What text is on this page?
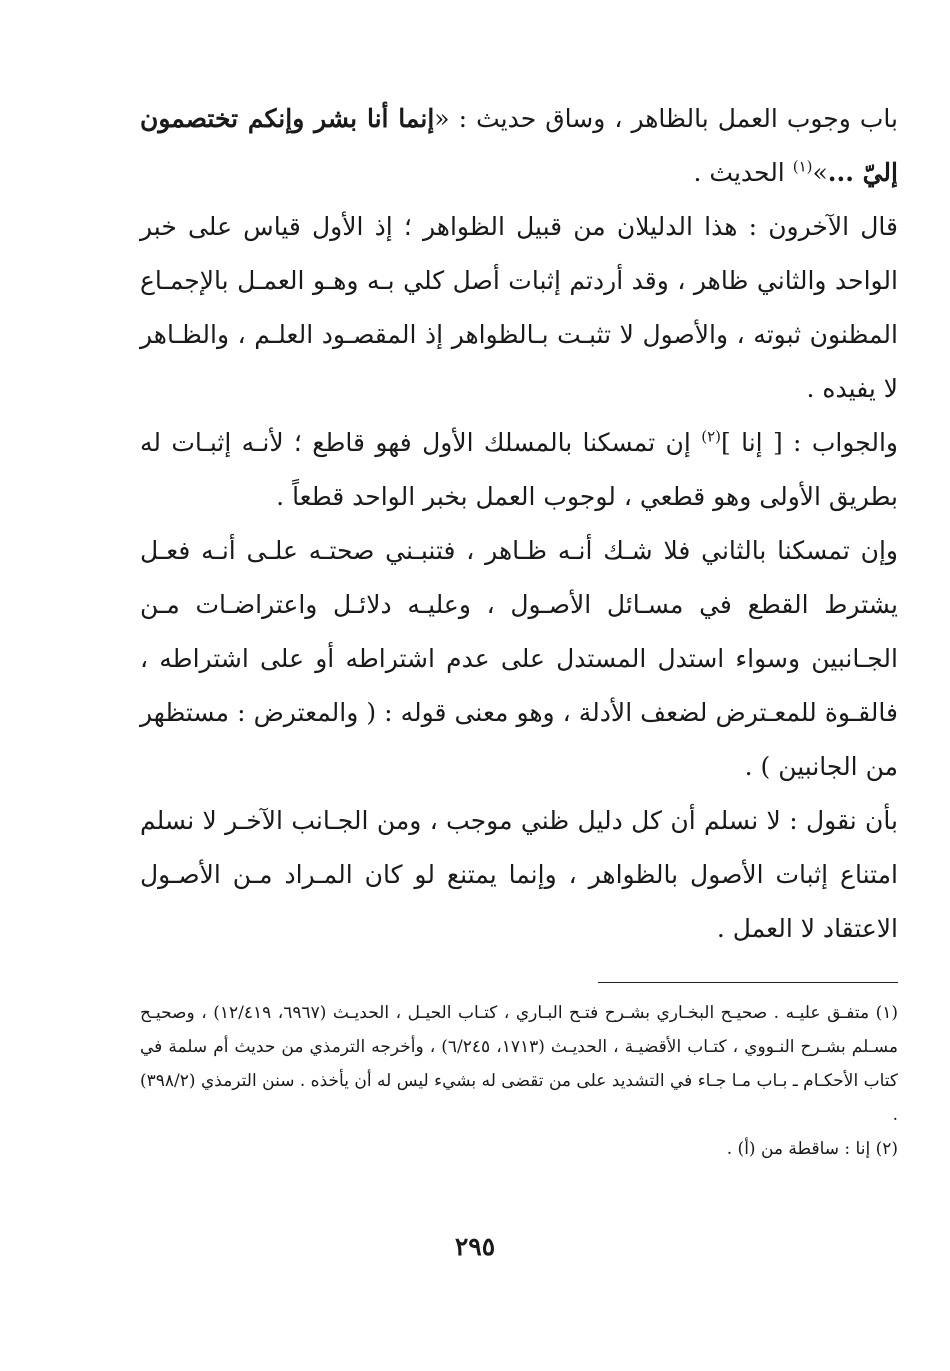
باب وجوب العمل بالظاهر ، وساق حديث : «إنما أنا بشر وإنكم تختصمون إليّ ...»$^{(١)}$ الحديث .

قال الآخرون : هذا الدليلان من قبيل الظواهر ؛ إذ الأول قياس على خبر الواحد والثاني ظاهر ، وقد أردتم إثبات أصل كلي بـه وهـو العمـل بالإجمـاع المظنون ثبوته ، والأصول لا تثبـت بـالظواهر إذ المقصـود العلـم ، والظـاهر لا يفيده .

والجواب : [ إنا ]$^{(٢)}$ إن تمسكنا بالمسلك الأول فهو قاطع ؛ لأنـه إثبـات له بطريق الأولى وهو قطعي ، لوجوب العمل بخبر الواحد قطعاً .

وإن تمسكنا بالثاني فلا شـك أنـه ظـاهر ، فتنبـني صحتـه علـى أنـه فعـل يشترط القطع في مسـائل الأصـول ، وعليـه دلائـل واعتراضـات مـن الجـانبين وسواء استدل المستدل على عدم اشتراطه أو على اشتراطه ، فالقـوة للمعـترض لضعف الأدلة ، وهو معنى قوله : ( والمعترض : مستظهر من الجانبين ) .

بأن نقول : لا نسلم أن كل دليل ظني موجب ، ومن الجـانب الآخـر لا نسلم امتناع إثبات الأصول بالظواهر ، وإنما يمتنع لو كان المـراد مـن الأصـول الاعتقاد لا العمل .

(١) متفـق عليـه . صحيـح البخـاري بشـرح فتـح البـاري ، كتـاب الحيـل ، الحديـث (٦٩٦٧، ١٢/٤١٩) ، وصحيـح مسـلم بشـرح النـووي ، كتـاب الأقضيـة ، الحديـث (١٧١٣، ٦/٢٤٥) ، وأخرجه الترمذي من حديث أم سلمة في كتاب الأحكـام ـ بـاب مـا جـاء في التشديد على من تقضى له بشيء ليس له أن يأخذه . سنن الترمذي (٣٩٨/٢) .

(٢) إنا : ساقطة من (أ) .

٢٩٥
